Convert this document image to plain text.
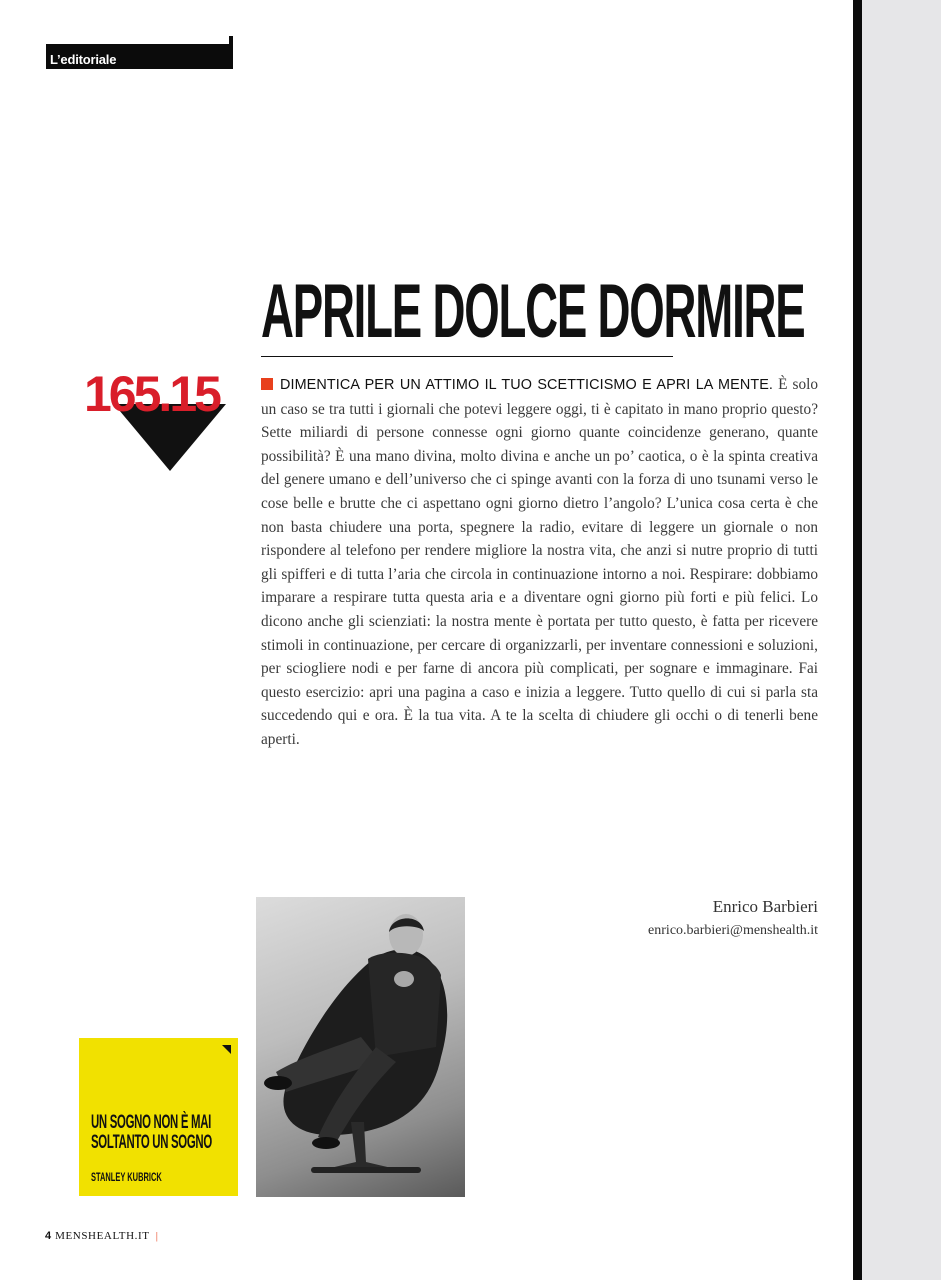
L’editoriale
APRILE DOLCE DORMIRE
165.15	DIMENTICA PER UN ATTIMO IL TUO SCETTICISMO E APRI LA MENTE. È solo un caso se tra tutti i giornali che potevi leggere oggi, ti è capitato in mano proprio questo? Sette miliardi di persone connesse ogni giorno quante coincidenze generano, quante possibilità? È una mano divina, molto divina e anche un po’ caotica, o è la spinta creativa del genere umano e dell’universo che ci spinge avanti con la forza di uno tsunami verso le cose belle e brutte che ci aspettano ogni giorno dietro l’angolo? L’unica cosa certa è che non basta chiudere una porta, spegnere la radio, evitare di leggere un giornale o non rispondere al telefono per rendere migliore la nostra vita, che anzi si nutre proprio di tutti gli spifferi e di tutta l’aria che circola in continuazione intorno a noi. Respirare: dobbiamo imparare a respirare tutta questa aria e a diventare ogni giorno più forti e più felici. Lo dicono anche gli scienziati: la nostra mente è portata per tutto questo, è fatta per ricevere stimoli in continuazione, per cercare di organizzarli, per inventare connessioni e soluzioni, per sciogliere nodi e per farne di ancora più complicati, per sognare e immaginare. Fai questo esercizio: apri una pagina a caso e inizia a leggere. Tutto quello di cui si parla sta succedendo qui e ora. È la tua vita. A te la scelta di chiudere gli occhi o di tenerli bene aperti.
Enrico Barbieri
enrico.barbieri@menshealth.it
UN SOGNO NON È MAI
SOLTANTO UN SOGNO
STANLEY KUBRICK
4 MENSHEALTH.IT |
